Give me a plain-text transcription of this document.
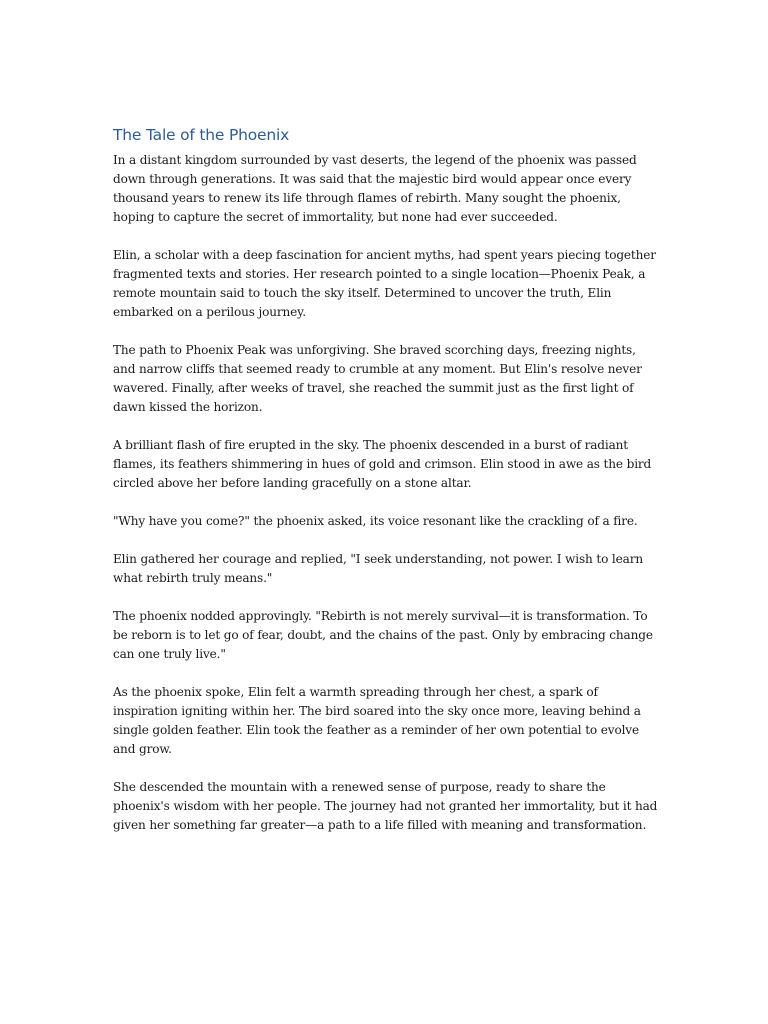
The Tale of the Phoenix

In a distant kingdom surrounded by vast deserts, the legend of the phoenix was passed down through generations. It was said that the majestic bird would appear once every thousand years to renew its life through flames of rebirth. Many sought the phoenix, hoping to capture the secret of immortality, but none had ever succeeded.

Elin, a scholar with a deep fascination for ancient myths, had spent years piecing together fragmented texts and stories. Her research pointed to a single location—Phoenix Peak, a remote mountain said to touch the sky itself. Determined to uncover the truth, Elin embarked on a perilous journey.

The path to Phoenix Peak was unforgiving. She braved scorching days, freezing nights, and narrow cliffs that seemed ready to crumble at any moment. But Elin's resolve never wavered. Finally, after weeks of travel, she reached the summit just as the first light of dawn kissed the horizon.

A brilliant flash of fire erupted in the sky. The phoenix descended in a burst of radiant flames, its feathers shimmering in hues of gold and crimson. Elin stood in awe as the bird circled above her before landing gracefully on a stone altar.

"Why have you come?" the phoenix asked, its voice resonant like the crackling of a fire.

Elin gathered her courage and replied, "I seek understanding, not power. I wish to learn what rebirth truly means."

The phoenix nodded approvingly. "Rebirth is not merely survival—it is transformation. To be reborn is to let go of fear, doubt, and the chains of the past. Only by embracing change can one truly live."

As the phoenix spoke, Elin felt a warmth spreading through her chest, a spark of inspiration igniting within her. The bird soared into the sky once more, leaving behind a single golden feather. Elin took the feather as a reminder of her own potential to evolve and grow.

She descended the mountain with a renewed sense of purpose, ready to share the phoenix's wisdom with her people. The journey had not granted her immortality, but it had given her something far greater—a path to a life filled with meaning and transformation.
